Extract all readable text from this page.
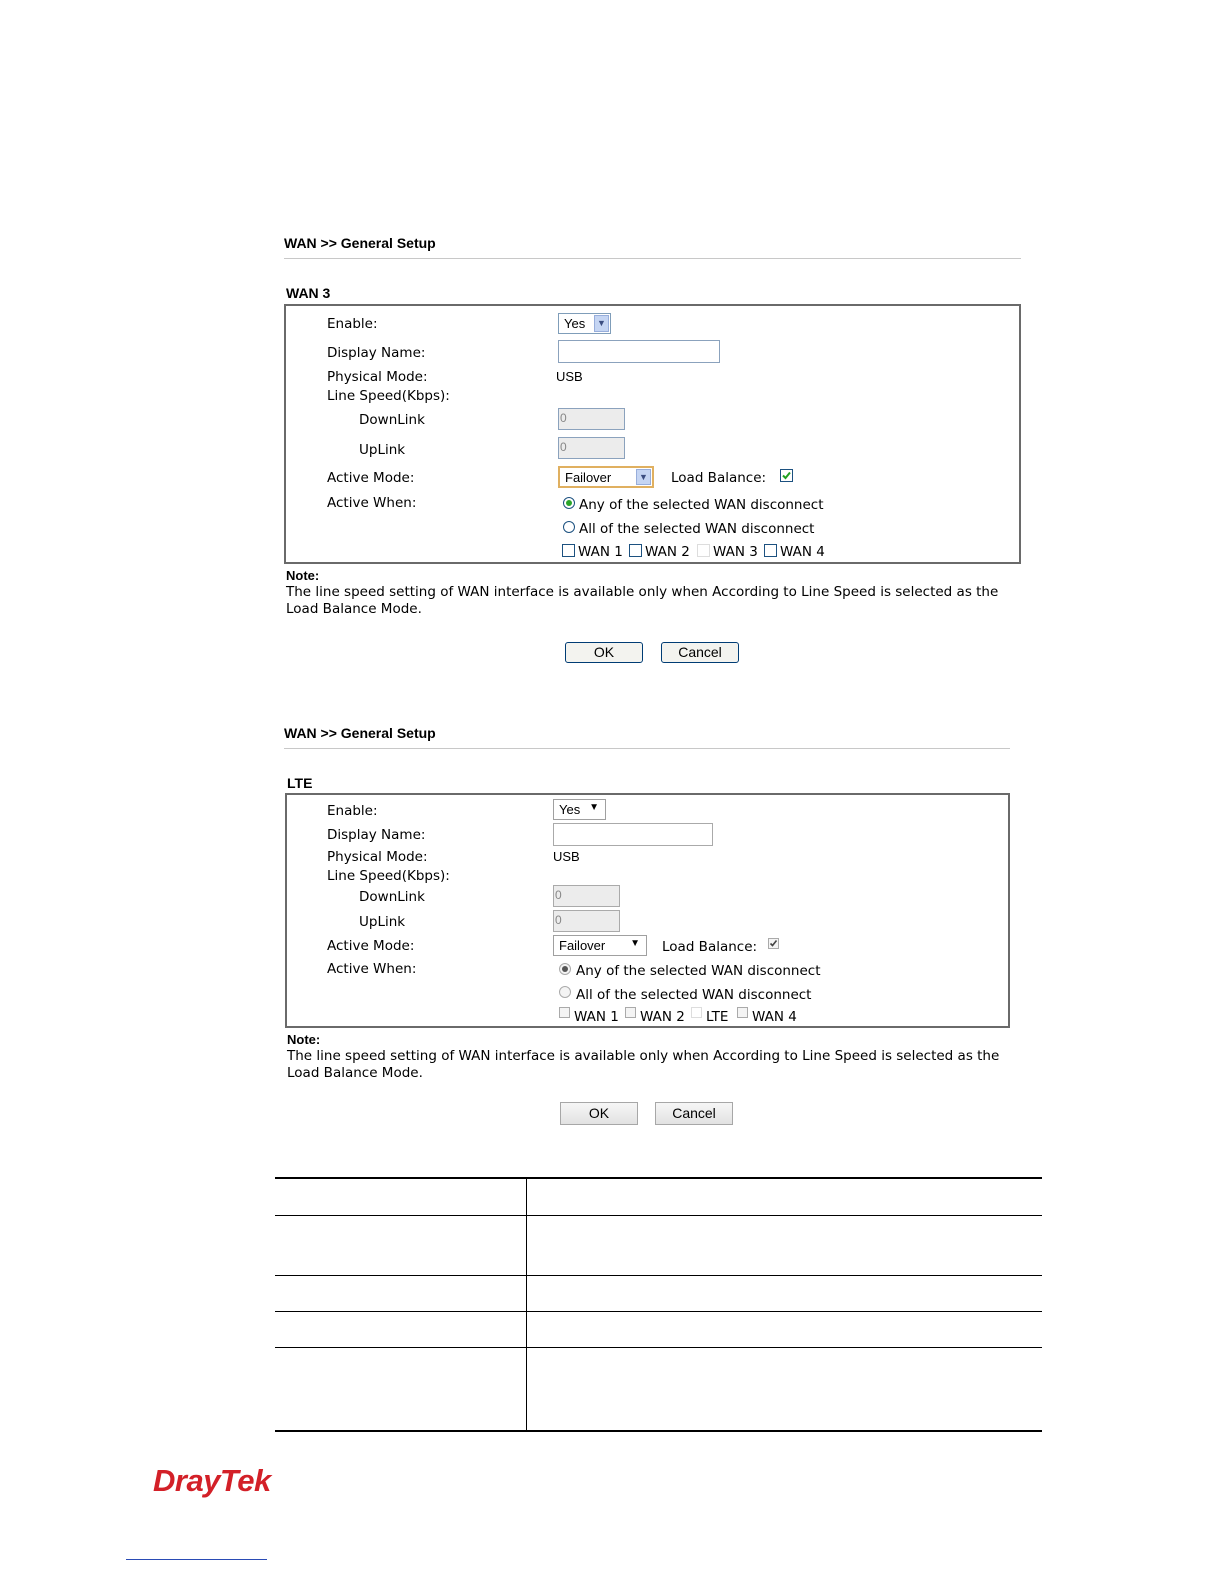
WAN >> General Setup
WAN 3
Enable:	Yes	▼
Display Name:
Physical Mode:	USB
Line Speed(Kbps):
DownLink	0
UpLink	0
Active Mode:	Failover	▼ Load Balance:
Active When:	Any of the selected WAN disconnect
All of the selected WAN disconnect
WAN 1 WAN 2 WAN 3 WAN 4
Note:
The line speed setting of WAN interface is available only when According to Line Speed is selected as the Load Balance Mode.
OK	Cancel
WAN >> General Setup
LTE
Enable:	Yes ▼
Display Name:
Physical Mode:	USB
Line Speed(Kbps):
DownLink	0
UpLink	0
Active Mode:	Failover ▼ Load Balance:
Active When:	Any of the selected WAN disconnect
All of the selected WAN disconnect
WAN 1 WAN 2 LTE WAN 4
Note:
The line speed setting of WAN interface is available only when According to Line Speed is selected as the Load Balance Mode.
OK	Cancel
DrayTek
